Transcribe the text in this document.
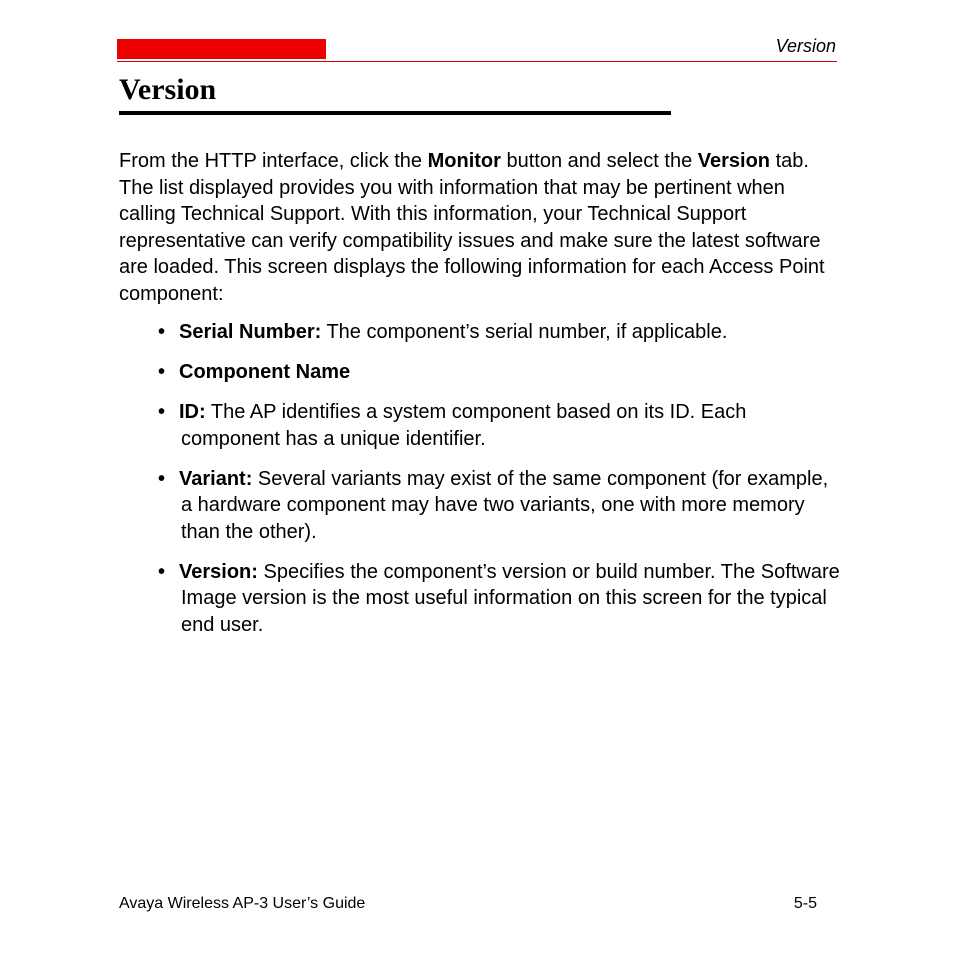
Version
Version

From the HTTP interface, click the Monitor button and select the Version tab. The list displayed provides you with information that may be pertinent when calling Technical Support. With this information, your Technical Support representative can verify compatibility issues and make sure the latest software are loaded. This screen displays the following information for each Access Point component:

• Serial Number: The component’s serial number, if applicable.
• Component Name
• ID: The AP identifies a system component based on its ID. Each component has a unique identifier.
• Variant: Several variants may exist of the same component (for example, a hardware component may have two variants, one with more memory than the other).
• Version: Specifies the component’s version or build number. The Software Image version is the most useful information on this screen for the typical end user.
Avaya Wireless AP-3 User’s Guide	5-5
